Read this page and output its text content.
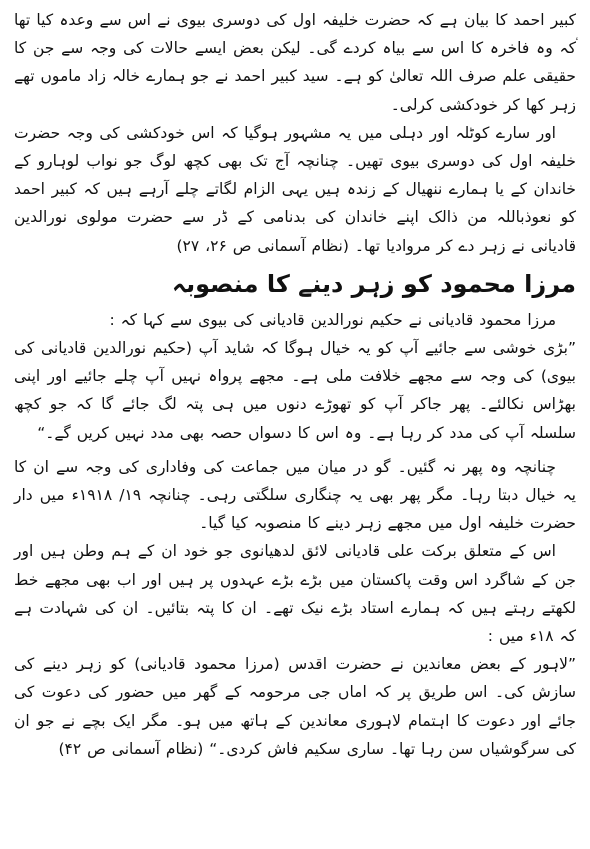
کبیر احمد کا بیان ہے کہ حضرت خلیفہ اول کی دوسری بیوی نے اس سے وعدہ کیا تھا کہ وہ فاخرہ کا اس سے بیاہ کردے گی۔ لیکن بعض ایسے حالات کی وجہ سے جن کا حقیقی علم صرف اللہ تعالیٰ کو ہے۔ سید کبیر احمد نے جو ہمارے خالہ زاد ماموں تھے زہر کھا کر خودکشی کرلی۔

اور سارے کوٹلہ اور دہلی میں یہ مشہور ہوگیا کہ اس خودکشی کی وجہ حضرت خلیفہ اول کی دوسری بیوی تھیں۔ چنانچہ آج تک بھی کچھ لوگ جو نواب لوہارو کے خاندان کے یا ہمارے ننھیال کے زندہ ہیں یہی الزام لگاتے چلے آرہے ہیں کہ کبیر احمد کو نعوذباللہ من ذالک اپنے خاندان کی بدنامی کے ڈر سے حضرت مولوی نورالدین قادیانی نے زہر دے کر مروادیا تھا۔ (نظام آسمانی ص ۲۶، ۲۷)

مرزا محمود کو زہر دینے کا منصوبہ

مرزا محمود قادیانی نے حکیم نورالدین قادیانی کی بیوی سے کہا کہ :

”بڑی خوشی سے جائیے آپ کو یہ خیال ہوگا کہ شاید آپ (حکیم نورالدین قادیانی کی بیوی) کی وجہ سے مجھے خلافت ملی ہے۔ مجھے پرواہ نہیں آپ چلے جائیے اور اپنی بھڑاس نکالئے۔ پھر جاکر آپ کو تھوڑے دنوں میں ہی پتہ لگ جائے گا کہ جو کچھ سلسلہ آپ کی مدد کر رہا ہے۔ وہ اس کا دسواں حصہ بھی مدد نہیں کریں گے۔“

چنانچہ وہ پھر نہ گئیں۔ گو در میان میں جماعت کی وفاداری کی وجہ سے ان کا یہ خیال دبتا رہا۔ مگر پھر بھی یہ چنگاری سلگتی رہی۔ چنانچہ ۱۹/ ۱۹۱۸ء میں دار حضرت خلیفہ اول میں مجھے زہر دینے کا منصوبہ کیا گیا۔

اس کے متعلق برکت علی قادیانی لائق لدھیانوی جو خود ان کے ہم وطن ہیں اور جن کے شاگرد اس وقت پاکستان میں بڑے بڑے عہدوں پر ہیں اور اب بھی مجھے خط لکھتے رہتے ہیں کہ ہمارے استاد بڑے نیک تھے۔ ان کا پتہ بتائیں۔ ان کی شہادت ہے کہ ۱۸ء میں :

”لاہور کے بعض معاندین نے حضرت اقدس (مرزا محمود قادیانی) کو زہر دینے کی سازش کی۔ اس طریق پر کہ اماں جی مرحومہ کے گھر میں حضور کی دعوت کی جائے اور دعوت کا اہتمام لاہوری معاندین کے ہاتھ میں ہو۔ مگر ایک بچے نے جو ان کی سرگوشیاں سن رہا تھا۔ ساری سکیم فاش کردی۔“ (نظام آسمانی ص ۴۲)
